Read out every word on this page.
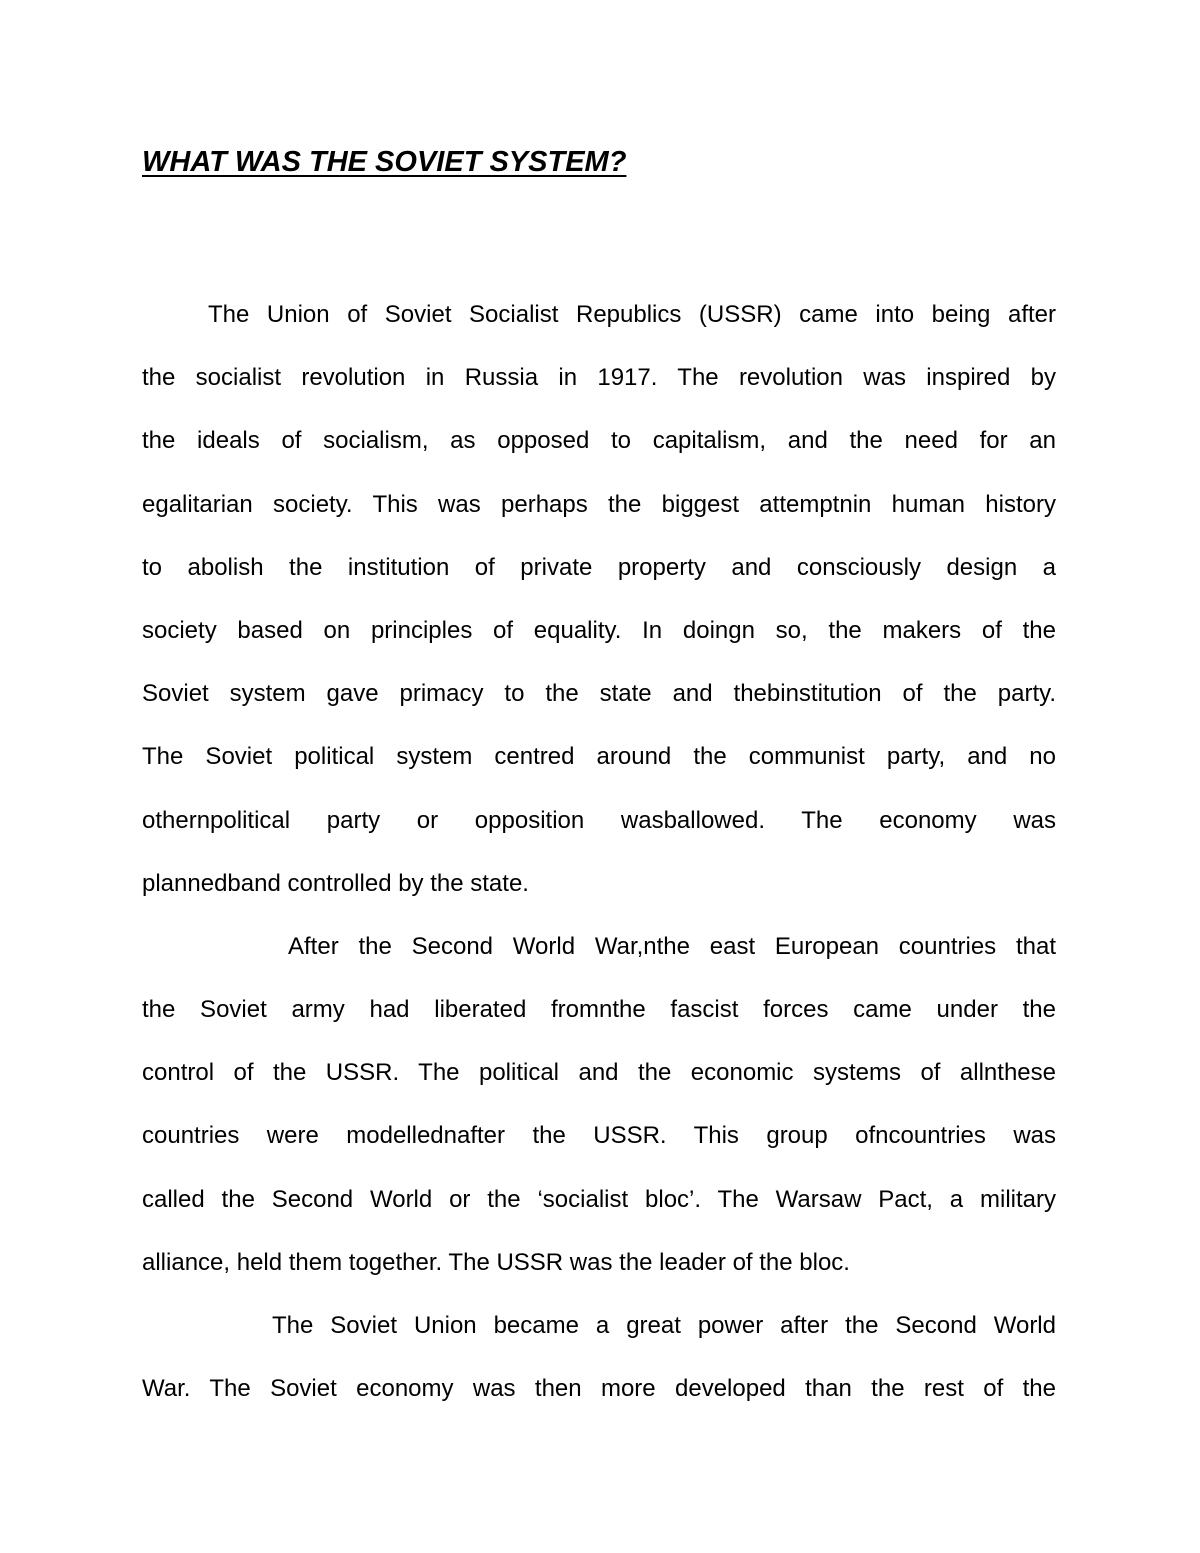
WHAT WAS THE SOVIET SYSTEM?
The Union of Soviet Socialist Republics (USSR) came into being after
the socialist revolution in Russia in 1917. The revolution was inspired by
the ideals of socialism, as opposed to capitalism, and the need for an
egalitarian society. This was perhaps the biggest attemptnin human history
to abolish the institution of private property and consciously design a
society based on principles of equality. In doingn so, the makers of the
Soviet system gave primacy to the state and thebinstitution of the party.
The Soviet political system centred around the communist party, and no
othernpolitical party or opposition wasballowed. The economy was
plannedband controlled by the state.
After the Second World War,nthe east European countries that
the Soviet army had liberated fromnthe fascist forces came under the
control of the USSR. The political and the economic systems of allnthese
countries were modellednafter the USSR. This group ofncountries was
called the Second World or the ‘socialist bloc’. The Warsaw Pact, a military
alliance, held them together. The USSR was the leader of the bloc.
The Soviet Union became a great power after the Second World
War. The Soviet economy was then more developed than the rest of the
